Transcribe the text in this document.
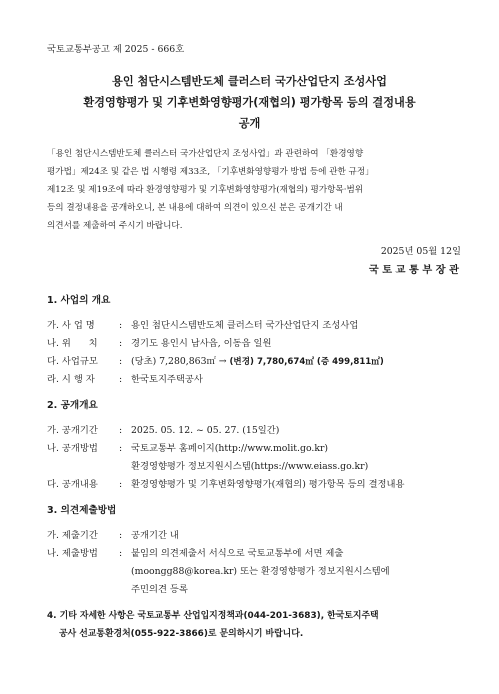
국토교통부공고 제 2025 - 666호
용인 첨단시스템반도체 클러스터 국가산업단지 조성사업
환경영향평가 및 기후변화영향평가(재협의) 평가항목 등의 결정내용
공개
「용인 첨단시스템반도체 클러스터 국가산업단지 조성사업」과 관련하여 「환경영향
평가법」제24조 및 같은 법 시행령 제33조, 「기후변화영향평가 방법 등에 관한 규정」
제12조 및 제19조에 따라 환경영향평가 및 기후변화영향평가(재협의) 평가항목·범위
등의 결정내용을 공개하오니, 본 내용에 대하여 의견이 있으신 분은 공개기간 내
의견서를 제출하여 주시기 바랍니다.
2025년 05월 12일
국 토 교 통 부 장 관
1. 사업의 개요
가. 사 업 명	: 용인 첨단시스템반도체 클러스터 국가산업단지 조성사업
나. 위      치 : 경기도 용인시 남사읍, 이동읍 일원
다. 사업규모 : (당초) 7,280,863㎡ → (변경) 7,780,674㎡ (증 499,811㎡)
라. 시 행 자	: 한국토지주택공사
2. 공개개요
가. 공개기간 : 2025. 05. 12. ~ 05. 27. (15일간)
나. 공개방법 : 국토교통부 홈페이지(http://www.molit.go.kr)
환경영향평가 정보지원시스템(https://www.eiass.go.kr)
다. 공개내용 : 환경영향평가 및 기후변화영향평가(재협의) 평가항목 등의 결정내용
3. 의견제출방법
가. 제출기간 : 공개기간 내
나. 제출방법 : 붙임의 의견제출서 서식으로 국토교통부에 서면 제출
(moongg88@korea.kr) 또는 환경영향평가 정보지원시스템에
주민의견 등록
4. 기타 자세한 사항은 국토교통부 산업입지정책과(044-201-3683), 한국토지주택
공사 선교통환경처(055-922-3866)로 문의하시기 바랍니다.
